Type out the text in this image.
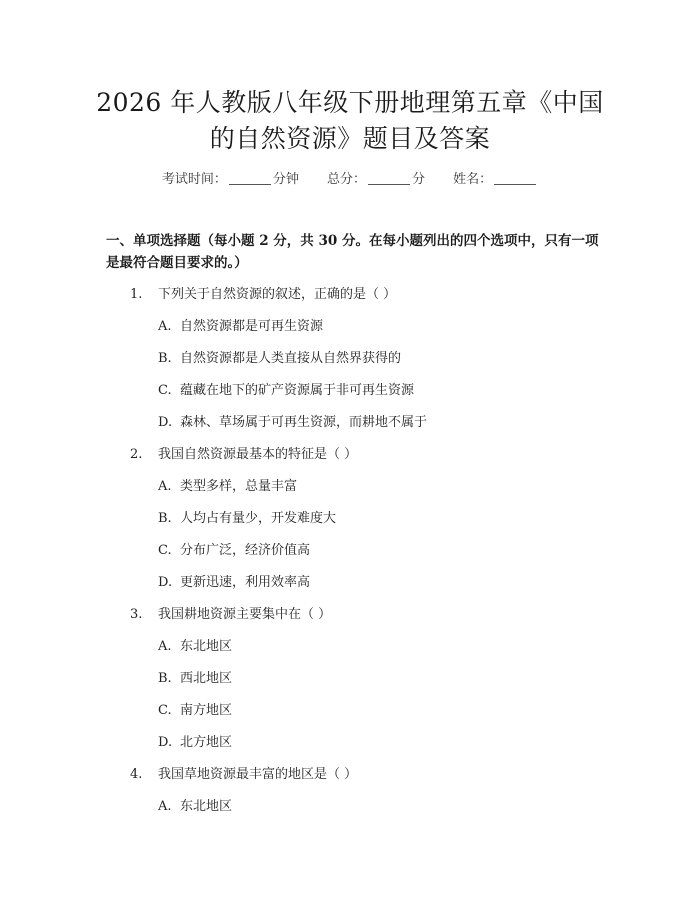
2026 年人教版八年级下册地理第五章《中国
的自然资源》题目及答案
考试时间：	分钟 总分：	分 姓名：

一、单项选择题（每小题 2 分，共 30 分。在每小题列出的四个选项中，只有一项

是最符合题目要求的。）

1. 下列关于自然资源的叙述，正确的是（ ）
A. 自然资源都是可再生资源
B. 自然资源都是人类直接从自然界获得的
C. 蕴藏在地下的矿产资源属于非可再生资源
D. 森林、草场属于可再生资源，而耕地不属于
2. 我国自然资源最基本的特征是（ ）
A. 类型多样，总量丰富
B. 人均占有量少，开发难度大
C. 分布广泛，经济价值高
D. 更新迅速，利用效率高
3. 我国耕地资源主要集中在（ ）
A. 东北地区
B. 西北地区
C. 南方地区
D. 北方地区
4. 我国草地资源最丰富的地区是（ ）
A. 东北地区
